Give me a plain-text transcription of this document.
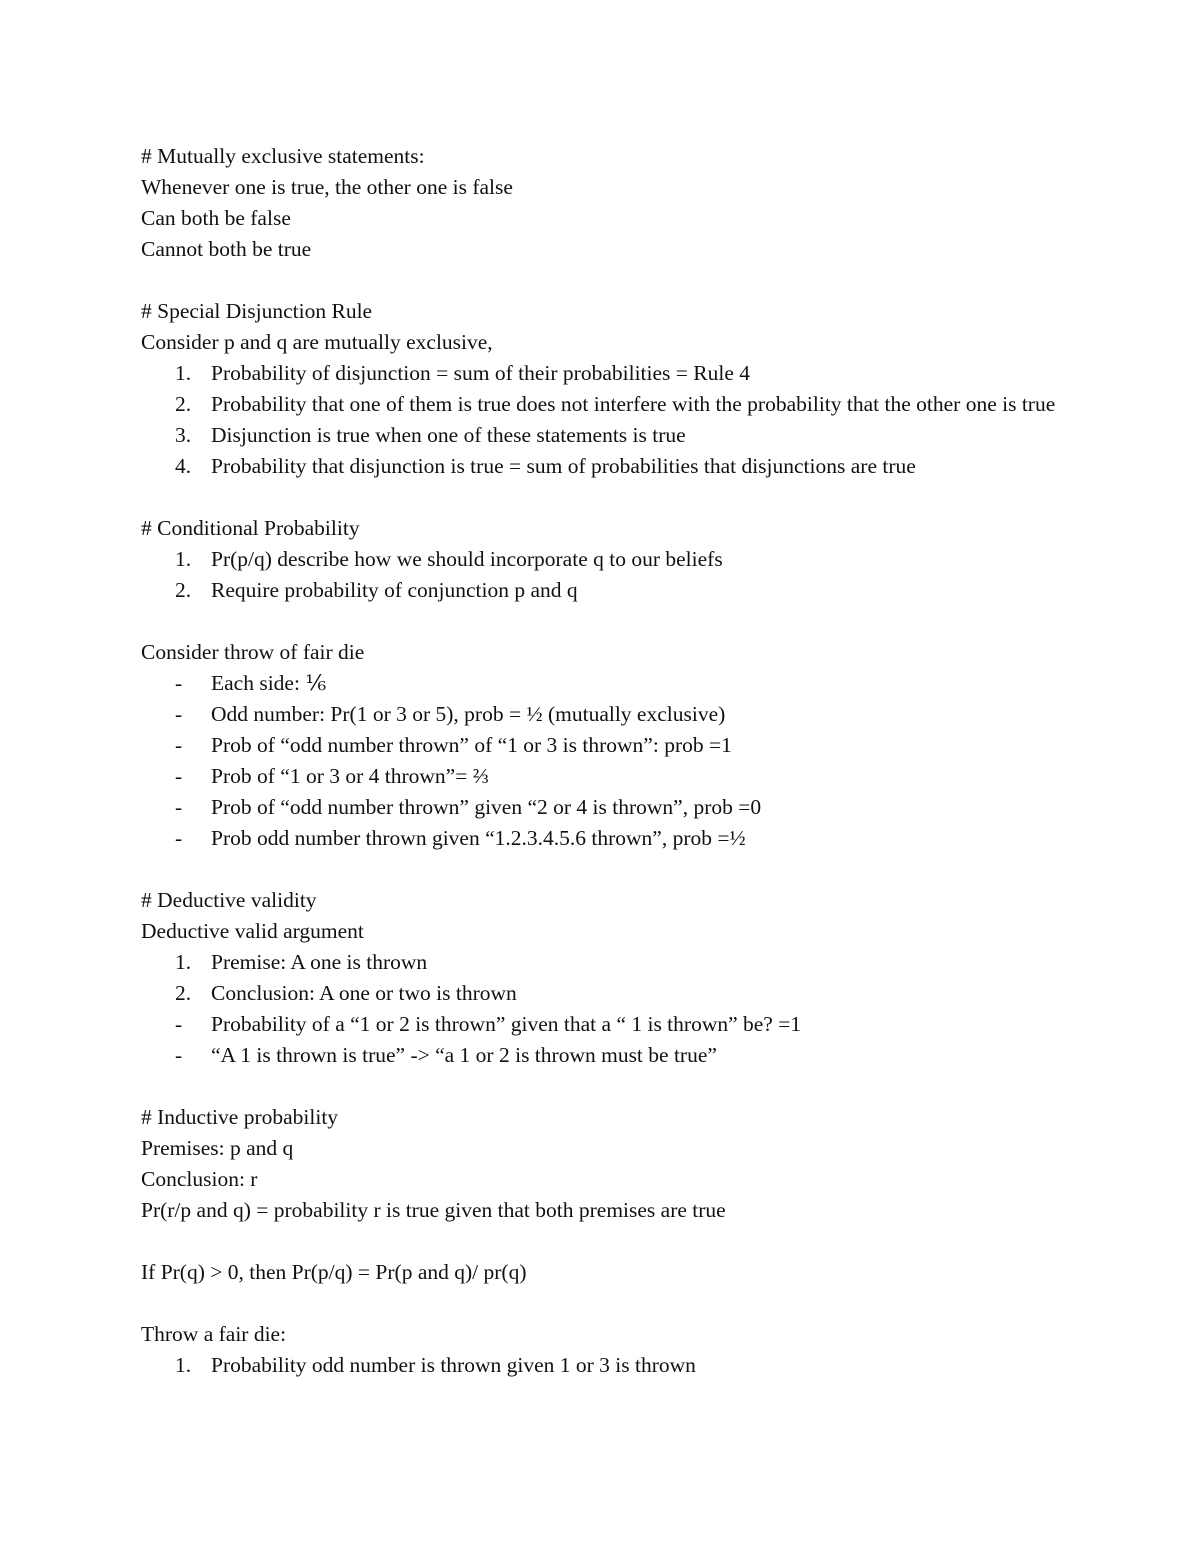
# Mutually exclusive statements:
Whenever one is true, the other one is false
Can both be false
Cannot both be true
# Special Disjunction Rule
Consider p and q are mutually exclusive,
1. Probability of disjunction = sum of their probabilities = Rule 4
2. Probability that one of them is true does not interfere with the probability that the other one is true
3. Disjunction is true when one of these statements is true
4. Probability that disjunction is true = sum of probabilities that disjunctions are true
# Conditional Probability
1. Pr(p/q) describe how we should incorporate q to our beliefs
2. Require probability of conjunction p and q
Consider throw of fair die
-	Each side: ⅙
-	Odd number: Pr(1 or 3 or 5), prob = ½ (mutually exclusive)
-	Prob of “odd number thrown” of “1 or 3 is thrown”: prob =1
-	Prob of “1 or 3 or 4 thrown”= ⅔
-	Prob of “odd number thrown” given “2 or 4 is thrown”, prob =0
-	Prob odd number thrown given “1.2.3.4.5.6 thrown”, prob =½
# Deductive validity
Deductive valid argument
1. Premise: A one is thrown
2. Conclusion: A one or two is thrown
-	Probability of a “1 or 2 is thrown” given that a “ 1 is thrown” be? =1
-	“A 1 is thrown is true” -> “a 1 or 2 is thrown must be true”
# Inductive probability
Premises: p and q
Conclusion: r
Pr(r/p and q) = probability r is true given that both premises are true
If Pr(q) > 0, then Pr(p/q) = Pr(p and q)/ pr(q)
Throw a fair die:
1. Probability odd number is thrown given 1 or 3 is thrown
